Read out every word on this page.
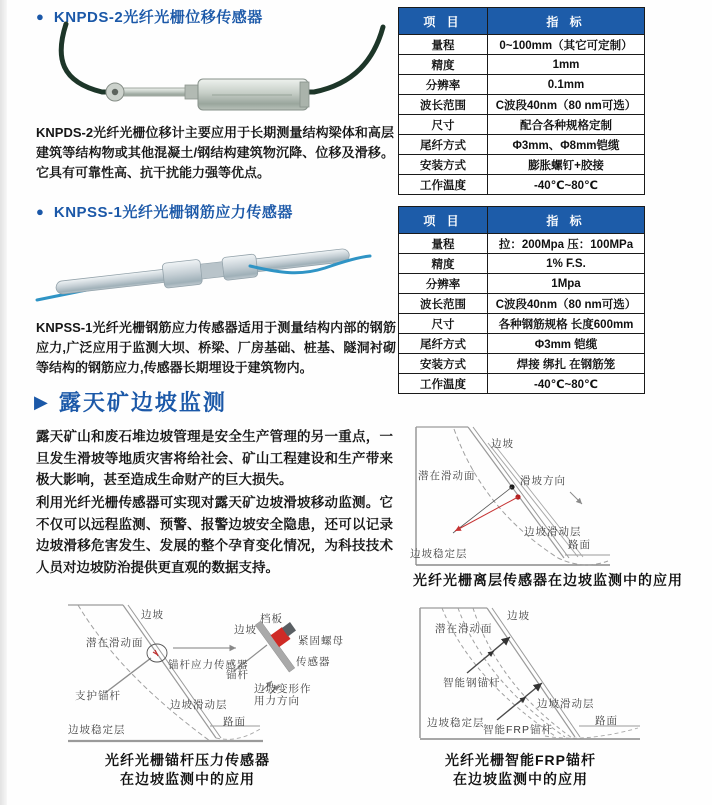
● KNPDS-2光纤光栅位移传感器
KNPDS-2光纤光栅位移计主要应用于长期测量结构梁体和高层建筑等结构物或其他混凝土/钢结构建筑物沉降、位移及滑移。它具有可靠性高、抗干扰能力强等优点。
项 目	指 标
量程	0~100mm（其它可定制）
精度	1mm
分辨率	0.1mm
波长范围	C波段40nm（80 nm可选）
尺寸	配合各种规格定制
尾纤方式	Φ3mm、Φ8mm铠缆
安装方式	膨胀螺钉+胶接
工作温度	-40℃~80℃
● KNPSS-1光纤光栅钢筋应力传感器
KNPSS-1光纤光栅钢筋应力传感器适用于测量结构内部的钢筋应力,广泛应用于监测大坝、桥梁、厂房基础、桩基、隧洞衬砌等结构的钢筋应力,传感器长期埋设于建筑物内。
项 目	指 标
量程	拉：200Mpa 压：100MPa
精度	1% F.S.
分辨率	1Mpa
波长范围	C波段40nm（80 nm可选）
尺寸	各种钢筋规格 长度600mm
尾纤方式	Φ3mm 铠缆
安装方式	焊接 绑扎 在钢筋笼
工作温度	-40℃~80℃
▶ 露天矿边坡监测
露天矿山和废石堆边坡管理是安全生产管理的另一重点，一旦发生滑坡等地质灾害将给社会、矿山工程建设和生产带来极大影响，甚至造成生命财产的巨大损失。
利用光纤光栅传感器可实现对露天矿边坡滑坡移动监测。它不仅可以远程监测、预警、报警边坡安全隐患，还可以记录边坡滑移危害发生、发展的整个孕育变化情况，为科技技术人员对边坡防治提供更直观的数据支持。
边坡
潜在滑动面	滑坡方向
边坡滑动层
路面
边坡稳定层
光纤光栅离层传感器在边坡监测中的应用
边坡
潜在滑动面
锚杆应力传感器
支护锚杆
边坡滑动层
边坡稳定层
路面
档板
边坡
紧固螺母
传感器
锚杆
边坡变形作
用力方向
光纤光栅锚杆压力传感器
在边坡监测中的应用
边坡
潜在滑动面
智能钢锚杆
边坡滑动层
边坡稳定层
智能FRP锚杆
路面
光纤光栅智能FRP锚杆
在边坡监测中的应用
